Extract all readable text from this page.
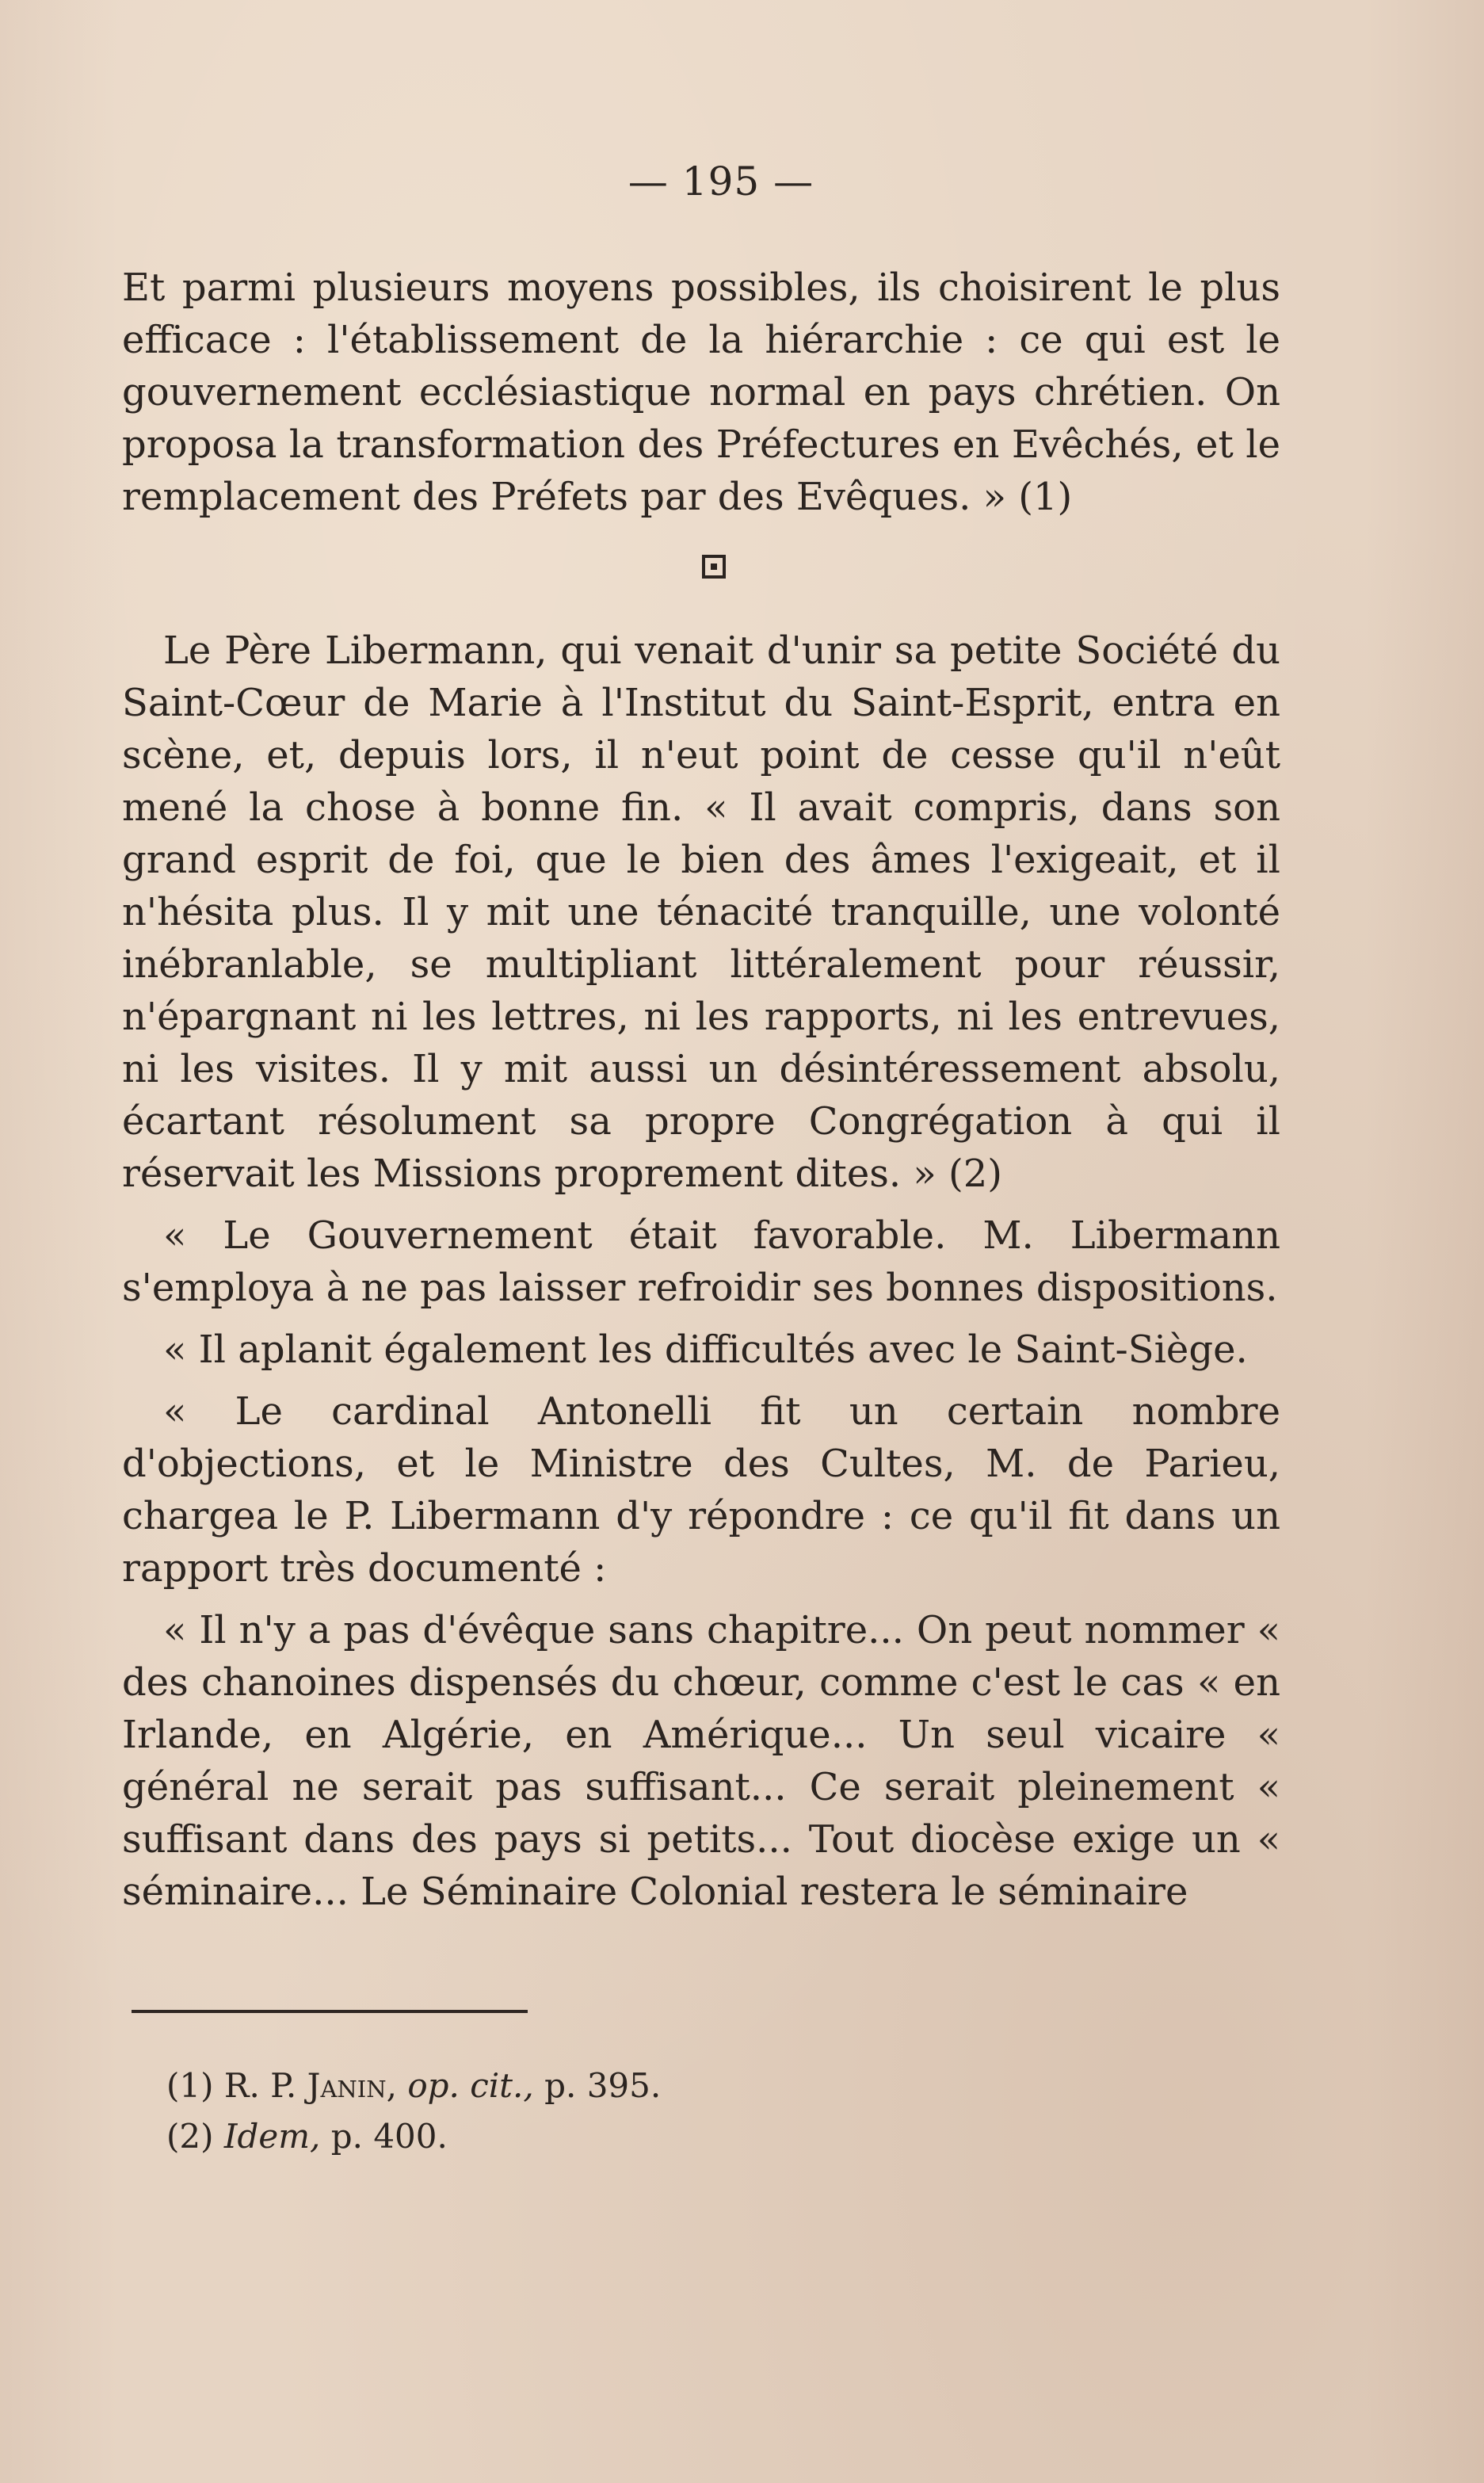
— 195 —

Et parmi plusieurs moyens possibles, ils choisirent le plus efficace : l'établissement de la hiérarchie : ce qui est le gouvernement ecclésiastique normal en pays chrétien. On proposa la transformation des Préfectures en Evêchés, et le remplacement des Préfets par des Evêques. » (1)

Le Père Libermann, qui venait d'unir sa petite Société du Saint-Cœur de Marie à l'Institut du Saint-Esprit, entra en scène, et, depuis lors, il n'eut point de cesse qu'il n'eût mené la chose à bonne fin. « Il avait compris, dans son grand esprit de foi, que le bien des âmes l'exigeait, et il n'hésita plus. Il y mit une ténacité tranquille, une volonté inébranlable, se multipliant littéralement pour réussir, n'épargnant ni les lettres, ni les rapports, ni les entrevues, ni les visites. Il y mit aussi un désintéressement absolu, écartant résolument sa propre Congrégation à qui il réservait les Missions proprement dites. » (2)

« Le Gouvernement était favorable. M. Libermann s'employa à ne pas laisser refroidir ses bonnes dispositions.

« Il aplanit également les difficultés avec le Saint-Siège.

« Le cardinal Antonelli fit un certain nombre d'objections, et le Ministre des Cultes, M. de Parieu, chargea le P. Libermann d'y répondre : ce qu'il fit dans un rapport très documenté :

« Il n'y a pas d'évêque sans chapitre... On peut nommer « des chanoines dispensés du chœur, comme c'est le cas « en Irlande, en Algérie, en Amérique... Un seul vicaire « général ne serait pas suffisant... Ce serait pleinement « suffisant dans des pays si petits... Tout diocèse exige un « séminaire... Le Séminaire Colonial restera le séminaire

(1) R. P. Janin, op. cit., p. 395.
(2) Idem, p. 400.
